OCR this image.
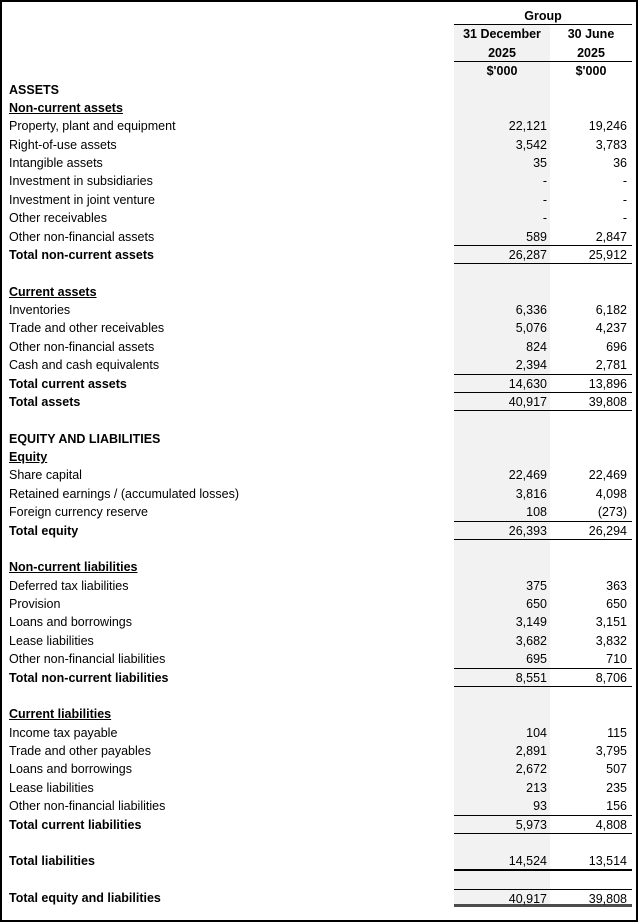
Group
31 December	30 June
2025	2025
$'000	$'000
ASSETS
Non-current assets
Property, plant and equipment	22,121	19,246
Right-of-use assets	3,542	3,783
Intangible assets	35	36
Investment in subsidiaries	-	-
Investment in joint venture	-	-
Other receivables	-	-
Other non-financial assets	589	2,847
Total non-current assets	26,287	25,912
Current assets
Inventories	6,336	6,182
Trade and other receivables	5,076	4,237
Other non-financial assets	824	696
Cash and cash equivalents	2,394	2,781
Total current assets	14,630	13,896
Total assets	40,917	39,808
EQUITY AND LIABILITIES
Equity
Share capital	22,469	22,469
Retained earnings / (accumulated losses)	3,816	4,098
Foreign currency reserve	108	(273)
Total equity	26,393	26,294
Non-current liabilities
Deferred tax liabilities	375	363
Provision	650	650
Loans and borrowings	3,149	3,151
Lease liabilities	3,682	3,832
Other non-financial liabilities	695	710
Total non-current liabilities	8,551	8,706
Current liabilities
Income tax payable	104	115
Trade and other payables	2,891	3,795
Loans and borrowings	2,672	507
Lease liabilities	213	235
Other non-financial liabilities	93	156
Total current liabilities	5,973	4,808
Total liabilities	14,524	13,514
Total equity and liabilities	40,917	39,808
